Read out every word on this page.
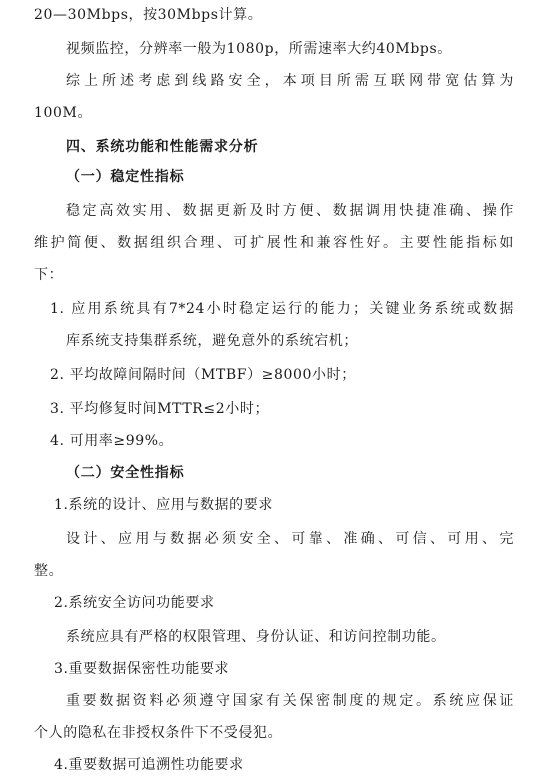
20—30Mbps，按30Mbps计算。
视频监控，分辨率一般为1080p，所需速率大约40Mbps。
综上所述考虑到线路安全，本项目所需互联网带宽估算为
100M。
四、系统功能和性能需求分析
（一）稳定性指标
稳定高效实用、数据更新及时方便、数据调用快捷准确、操作
维护简便、数据组织合理、可扩展性和兼容性好。主要性能指标如
下：
1. 应用系统具有7*24小时稳定运行的能力；关键业务系统或数据
库系统支持集群系统，避免意外的系统宕机；
2. 平均故障间隔时间（MTBF）≥8000小时；
3. 平均修复时间MTTR≤2小时；
4. 可用率≥99%。
（二）安全性指标
1.系统的设计、应用与数据的要求
设计、应用与数据必须安全、可靠、准确、可信、可用、完
整。
2.系统安全访问功能要求
系统应具有严格的权限管理、身份认证、和访问控制功能。
3.重要数据保密性功能要求
重要数据资料必须遵守国家有关保密制度的规定。系统应保证
个人的隐私在非授权条件下不受侵犯。
4.重要数据可追溯性功能要求
